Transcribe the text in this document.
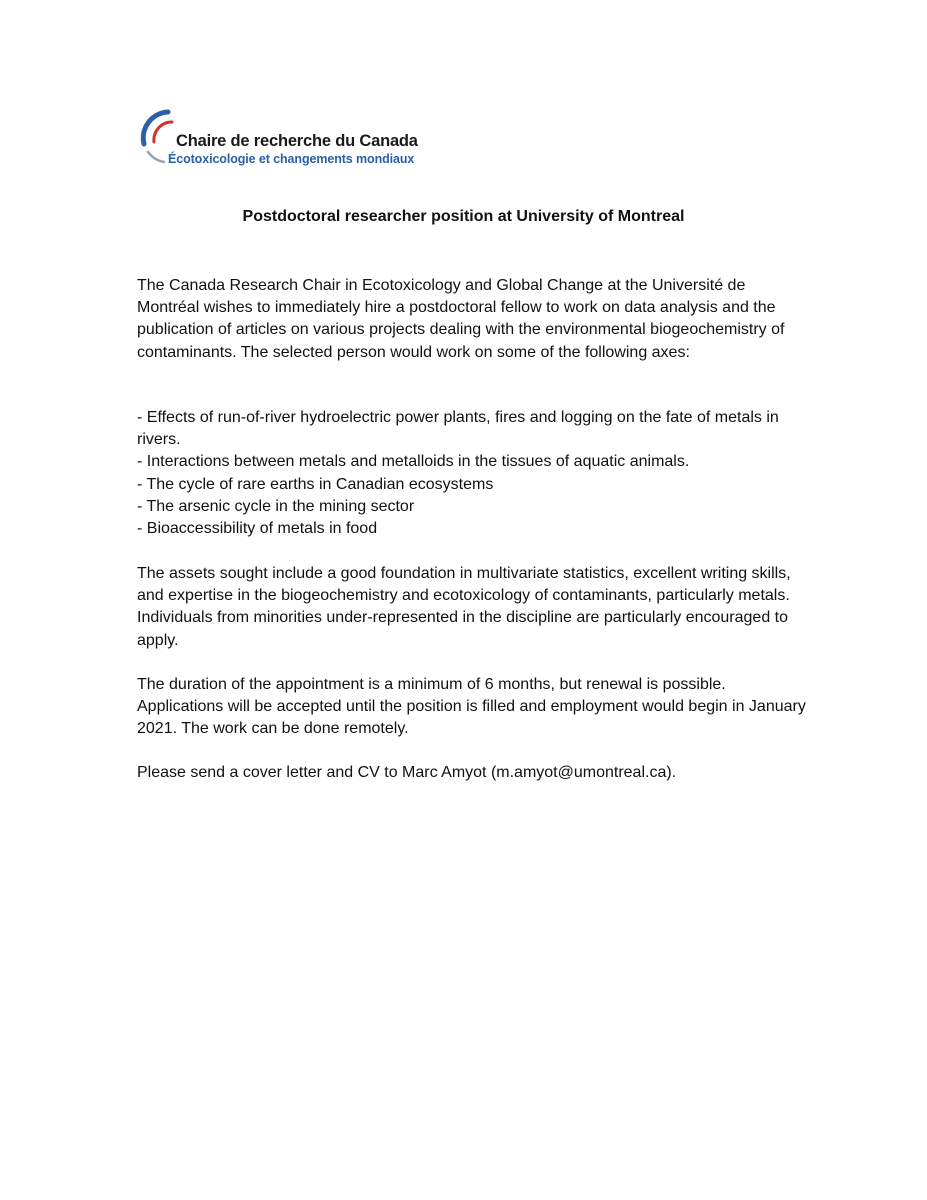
Chaire de recherche du Canada
Écotoxicologie et changements mondiaux
Postdoctoral researcher position at University of Montreal

The Canada Research Chair in Ecotoxicology and Global Change at the Université de Montréal wishes to immediately hire a postdoctoral fellow to work on data analysis and the publication of articles on various projects dealing with the environmental biogeochemistry of contaminants. The selected person would work on some of the following axes:

- Effects of run-of-river hydroelectric power plants, fires and logging on the fate of metals in rivers.
- Interactions between metals and metalloids in the tissues of aquatic animals.
- The cycle of rare earths in Canadian ecosystems
- The arsenic cycle in the mining sector
- Bioaccessibility of metals in food

The assets sought include a good foundation in multivariate statistics, excellent writing skills, and expertise in the biogeochemistry and ecotoxicology of contaminants, particularly metals. Individuals from minorities under-represented in the discipline are particularly encouraged to apply.

The duration of the appointment is a minimum of 6 months, but renewal is possible. Applications will be accepted until the position is filled and employment would begin in January 2021. The work can be done remotely.

Please send a cover letter and CV to Marc Amyot (m.amyot@umontreal.ca).
